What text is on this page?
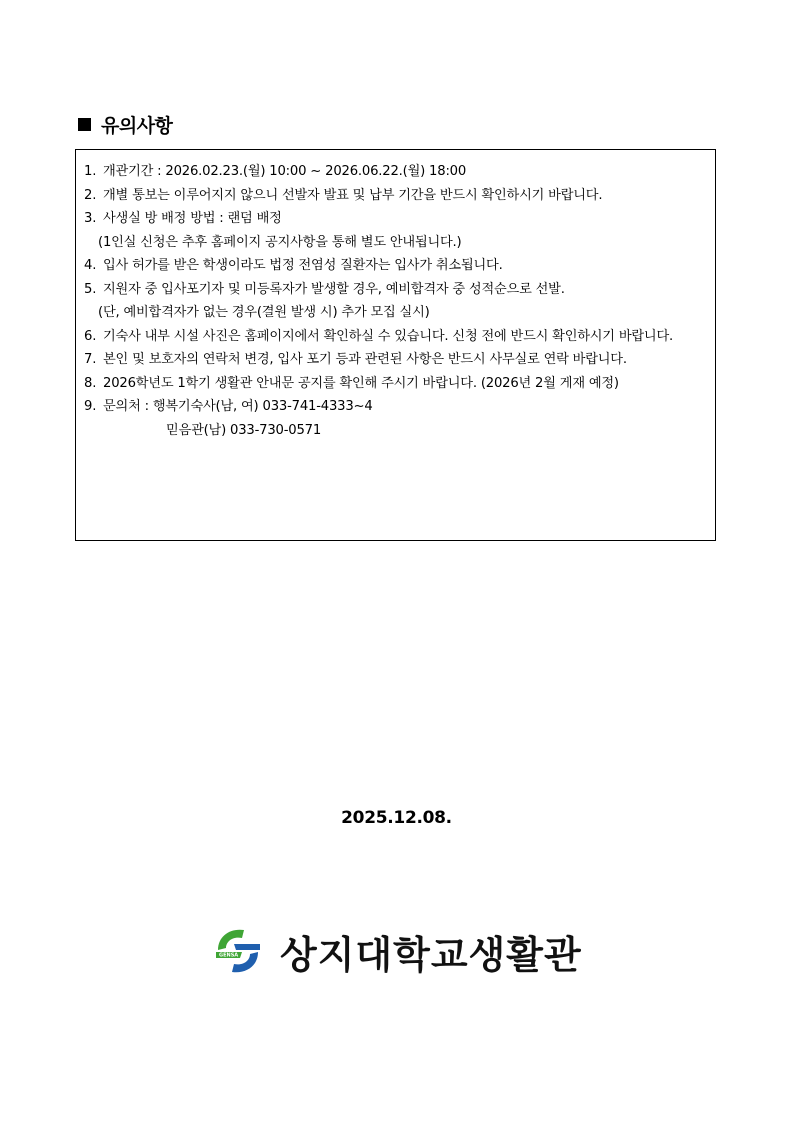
유의사항
1. 개관기간 : 2026.02.23.(월) 10:00 ~ 2026.06.22.(월) 18:00
2. 개별 통보는 이루어지지 않으니 선발자 발표 및 납부 기간을 반드시 확인하시기 바랍니다.
3. 사생실 방 배정 방법 : 랜덤 배정
(1인실 신청은 추후 홈페이지 공지사항을 통해 별도 안내됩니다.)
4. 입사 허가를 받은 학생이라도 법정 전염성 질환자는 입사가 취소됩니다.
5. 지원자 중 입사포기자 및 미등록자가 발생할 경우, 예비합격자 중 성적순으로 선발.
(단, 예비합격자가 없는 경우(결원 발생 시) 추가 모집 실시)
6. 기숙사 내부 시설 사진은 홈페이지에서 확인하실 수 있습니다. 신청 전에 반드시 확인하시기 바랍니다.
7. 본인 및 보호자의 연락처 변경, 입사 포기 등과 관련된 사항은 반드시 사무실로 연락 바랍니다.
8. 2026학년도 1학기 생활관 안내문 공지를 확인해 주시기 바랍니다. (2026년 2월 게재 예정)
9. 문의처 : 행복기숙사(남, 여) 033-741-4333~4
믿음관(남) 033-730-0571
2025.12.08.
GENSA 상지대학교생활관
